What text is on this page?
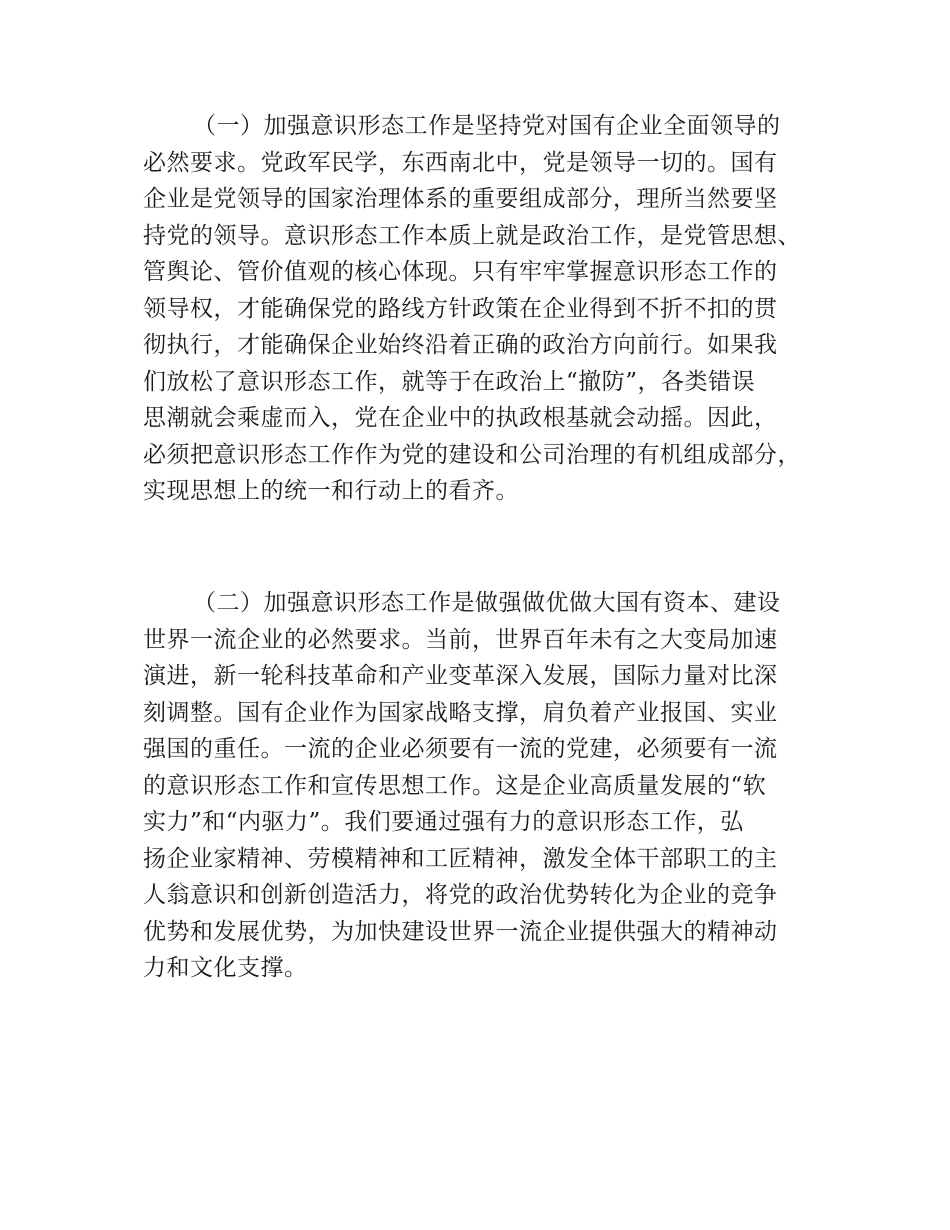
（一）加强意识形态工作是坚持党对国有企业全面领导的
必然要求。党政军民学，东西南北中，党是领导一切的。国有
企业是党领导的国家治理体系的重要组成部分，理所当然要坚
持党的领导。意识形态工作本质上就是政治工作，是党管思想、
管舆论、管价值观的核心体现。只有牢牢掌握意识形态工作的
领导权，才能确保党的路线方针政策在企业得到不折不扣的贯
彻执行，才能确保企业始终沿着正确的政治方向前行。如果我
们放松了意识形态工作，就等于在政治上“撤防”，各类错误
思潮就会乘虚而入，党在企业中的执政根基就会动摇。因此，
必须把意识形态工作作为党的建设和公司治理的有机组成部分，
实现思想上的统一和行动上的看齐。

（二）加强意识形态工作是做强做优做大国有资本、建设
世界一流企业的必然要求。当前，世界百年未有之大变局加速
演进，新一轮科技革命和产业变革深入发展，国际力量对比深
刻调整。国有企业作为国家战略支撑，肩负着产业报国、实业
强国的重任。一流的企业必须要有一流的党建，必须要有一流
的意识形态工作和宣传思想工作。这是企业高质量发展的“软
实力”和“内驱力”。我们要通过强有力的意识形态工作，弘
扬企业家精神、劳模精神和工匠精神，激发全体干部职工的主
人翁意识和创新创造活力，将党的政治优势转化为企业的竞争
优势和发展优势，为加快建设世界一流企业提供强大的精神动
力和文化支撑。
